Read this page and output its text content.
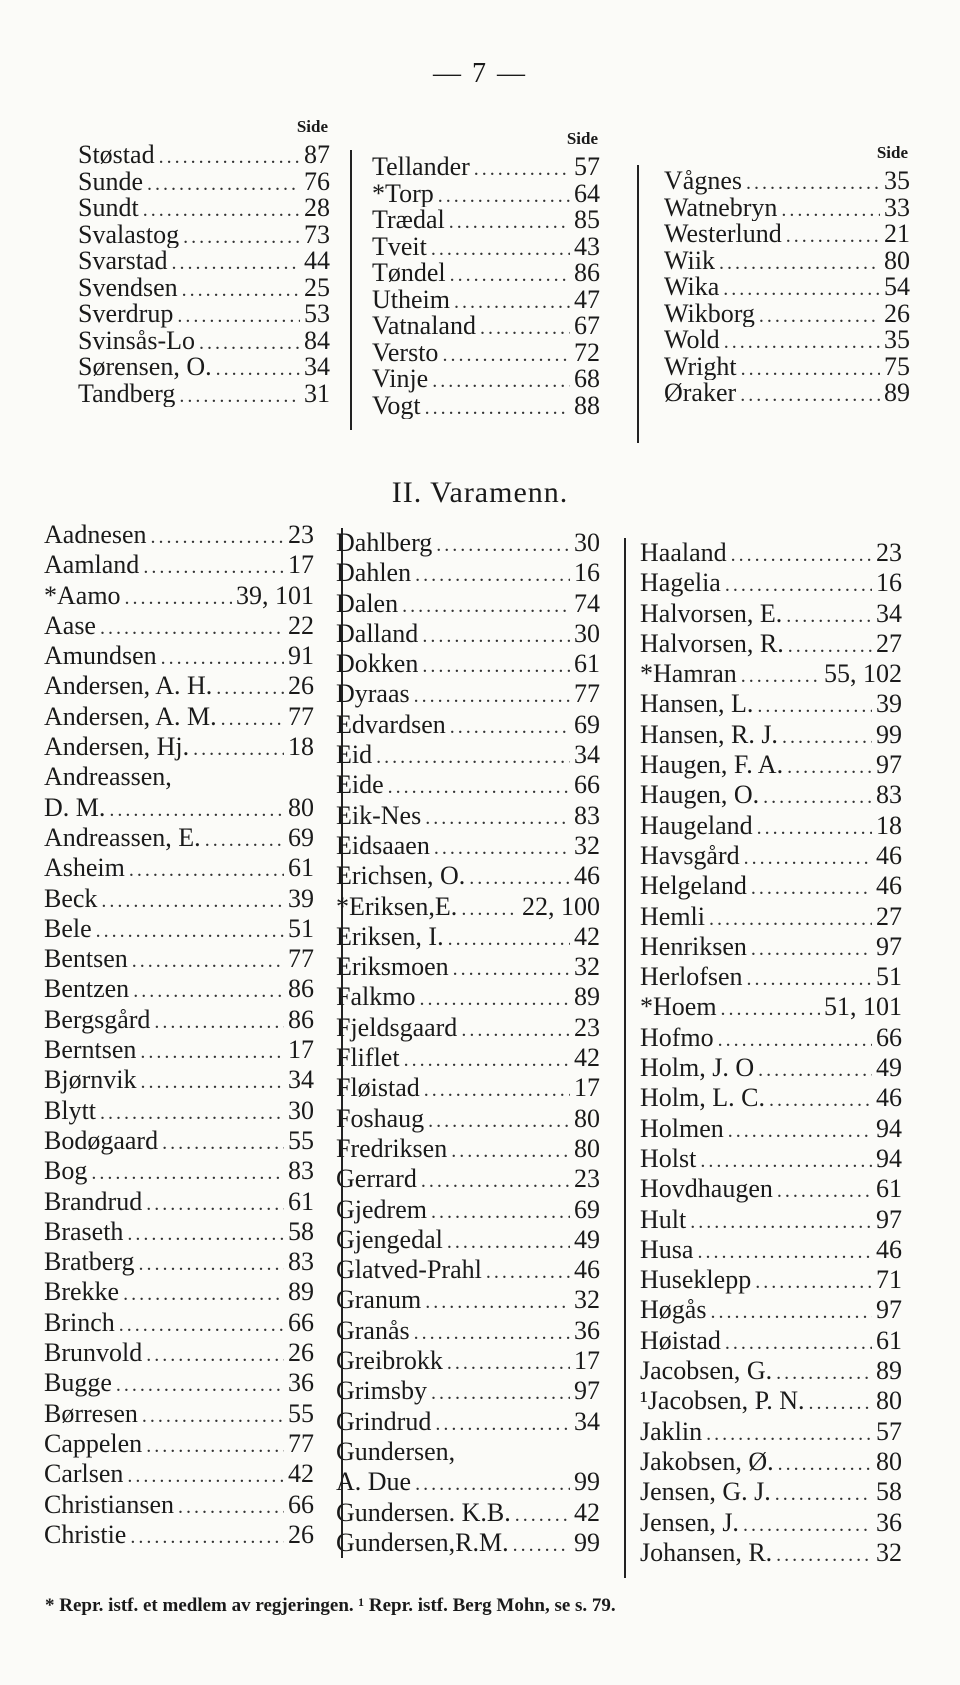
— 7 —
Side
Støstad .....	87
Sunde .....	76
Sundt .....	28
Svalastog .....	73
Svarstad .....	44
Svendsen .....	25
Sverdrup .....	53
Svinsås-Lo .....	84
Sørensen, O. .....	34
Tandberg .....	31
Side
Tellander .....	57
*Torp .....	64
Trædal .....	85
Tveit .....	43
Tøndel .....	86
Utheim .....	47
Vatnaland .....	67
Versto .....	72
Vinje .....	68
Vogt .....	88
Side
Vågnes .....	35
Watnebryn .....	33
Westerlund .....	21
Wiik .....	80
Wika .....	54
Wikborg .....	26
Wold .....	35
Wright .....	75
Øraker .....	89
II. Varamenn.
Aadnesen .....	23
Aamland .....	17
*Aamo .....	39, 101
Aase .....	22
Amundsen .....	91
Andersen, A. H. .....	26
Andersen, A. M. .....	77
Andersen, Hj. .....	18
Andreassen,
D. M. .....	80
Andreassen, E. .....	69
Asheim .....	61
Beck .....	39
Bele .....	51
Bentsen .....	77
Bentzen .....	86
Bergsgård .....	86
Berntsen .....	17
Bjørnvik .....	34
Blytt .....	30
Bodøgaard .....	55
Bog .....	83
Brandrud .....	61
Braseth .....	58
Bratberg .....	83
Brekke .....	89
Brinch .....	66
Brunvold .....	26
Bugge .....	36
Børresen .....	55
Cappelen .....	77
Carlsen .....	42
Christiansen .....	66
Christie .....	26
Dahlberg .....	30
Dahlen .....	16
Dalen .....	74
Dalland .....	30
Dokken .....	61
Dyraas .....	77
Edvardsen .....	69
Eid .....	34
Eide .....	66
Eik-Nes .....	83
Eidsaaen .....	32
Erichsen, O. .....	46
*Eriksen,E. ..... 22, 100
Eriksen, I. .....	42
Eriksmoen .....	32
Falkmo .....	89
Fjeldsgaard .....	23
Fliflet .....	42
Fløistad .....	17
Foshaug .....	80
Fredriksen .....	80
Gerrard .....	23
Gjedrem .....	69
Gjengedal .....	49
Glatved-Prahl .....	46
Granum .....	32
Granås .....	36
Greibrokk .....	17
Grimsby .....	97
Grindrud .....	34
Gundersen,
A. Due .....	99
Gundersen. K.B. ..... 42
Gundersen,R.M. .....	99
Haaland .....	23
Hagelia .....	16
Halvorsen, E. .....	34
Halvorsen, R. .....	27
*Hamran .....	55, 102
Hansen, L. .....	39
Hansen, R. J. .....	99
Haugen, F. A. .....	97
Haugen, O. .....	83
Haugeland .....	18
Havsgård .....	46
Helgeland .....	46
Hemli .....	27
Henriksen .....	97
Herlofsen .....	51
*Hoem .....	51, 101
Hofmo .....	66
Holm, J. O .....	49
Holm, L. C. .....	46
Holmen .....	94
Holst .....	94
Hovdhaugen .....	61
Hult .....	97
Husa .....	46
Huseklepp .....	71
Høgås .....	97
Høistad .....	61
Jacobsen, G. .....	89
¹Jacobsen, P. N. .....	80
Jaklin .....	57
Jakobsen, Ø. .....	80
Jensen, G. J. .....	58
Jensen, J. .....	36
Johansen, R. .....	32
* Repr. istf. et medlem av regjeringen. ¹ Repr. istf. Berg Mohn, se s. 79.
